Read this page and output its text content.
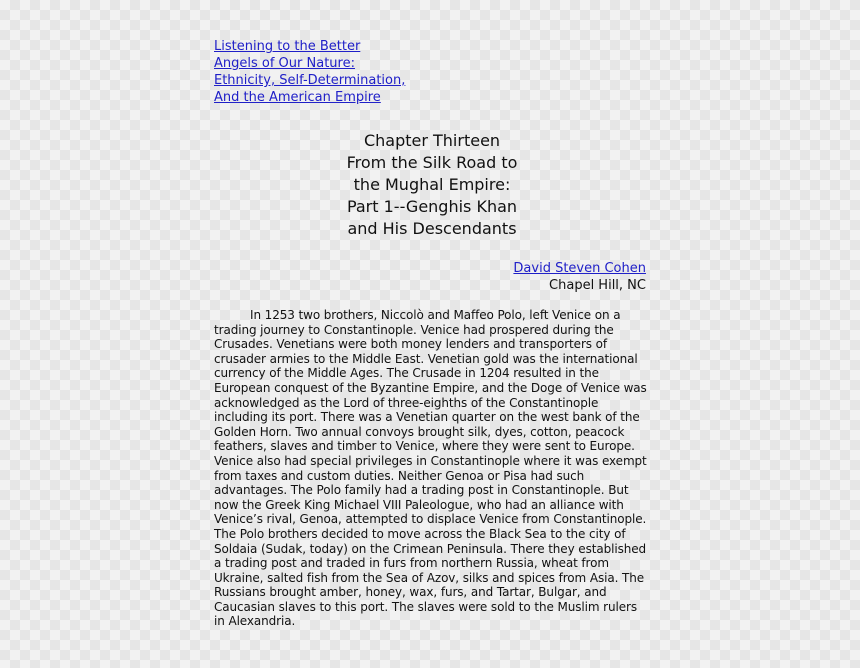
Listening to the Better
Angels of Our Nature:
Ethnicity, Self-Determination,
And the American Empire
Chapter Thirteen
From the Silk Road to
the Mughal Empire:
Part 1--Genghis Khan
and His Descendants
David Steven Cohen
Chapel Hill, NC

In 1253 two brothers, Niccolò and Maffeo Polo, left Venice on a trading journey to Constantinople. Venice had prospered during the Crusades. Venetians were both money lenders and transporters of crusader armies to the Middle East. Venetian gold was the international currency of the Middle Ages. The Crusade in 1204 resulted in the European conquest of the Byzantine Empire, and the Doge of Venice was acknowledged as the Lord of three-eighths of the Constantinople including its port. There was a Venetian quarter on the west bank of the Golden Horn. Two annual convoys brought silk, dyes, cotton, peacock feathers, slaves and timber to Venice, where they were sent to Europe. Venice also had special privileges in Constantinople where it was exempt from taxes and custom duties. Neither Genoa or Pisa had such advantages. The Polo family had a trading post in Constantinople. But now the Greek King Michael VIII Paleologue, who had an alliance with Venice’s rival, Genoa, attempted to displace Venice from Constantinople. The Polo brothers decided to move across the Black Sea to the city of Soldaia (Sudak, today) on the Crimean Peninsula. There they established a trading post and traded in furs from northern Russia, wheat from Ukraine, salted fish from the Sea of Azov, silks and spices from Asia. The Russians brought amber, honey, wax, furs, and Tartar, Bulgar, and Caucasian slaves to this port. The slaves were sold to the Muslim rulers in Alexandria.
